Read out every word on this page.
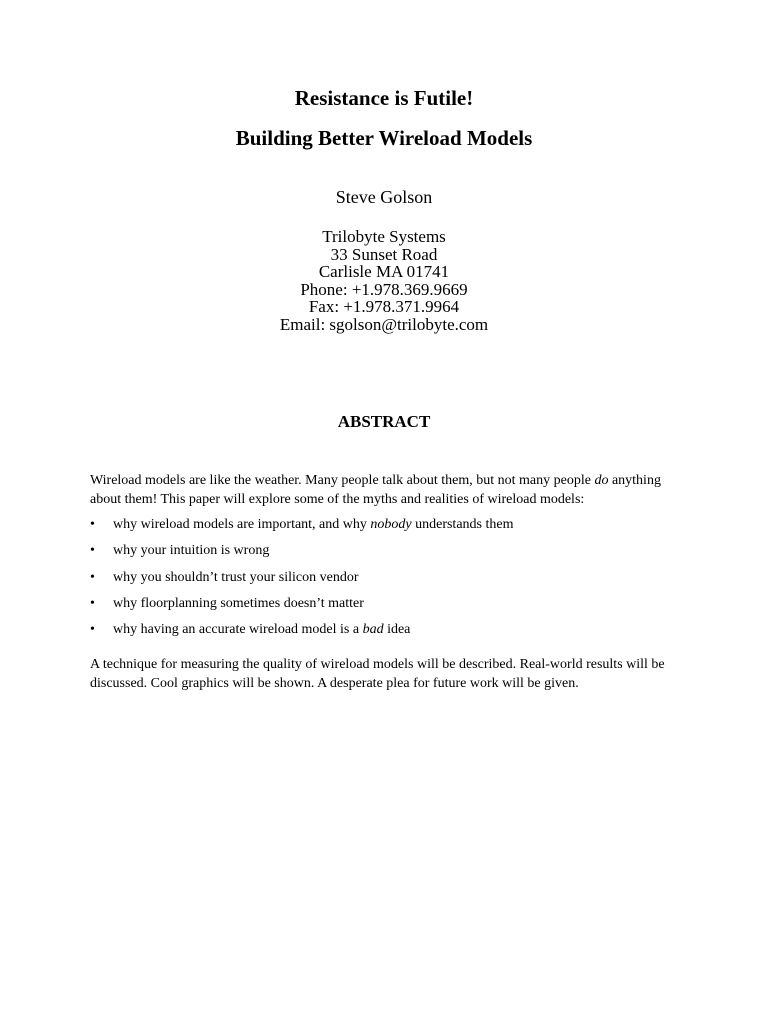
Resistance is Futile!
Building Better Wireload Models
Steve Golson
Trilobyte Systems
33 Sunset Road
Carlisle MA 01741
Phone: +1.978.369.9669
Fax: +1.978.371.9964
Email: sgolson@trilobyte.com
ABSTRACT
Wireload models are like the weather. Many people talk about them, but not many people do anything about them! This paper will explore some of the myths and realities of wireload models:
• why wireload models are important, and why nobody understands them
• why your intuition is wrong
• why you shouldn’t trust your silicon vendor
• why floorplanning sometimes doesn’t matter
• why having an accurate wireload model is a bad idea
A technique for measuring the quality of wireload models will be described. Real-world results will be discussed. Cool graphics will be shown. A desperate plea for future work will be given.
